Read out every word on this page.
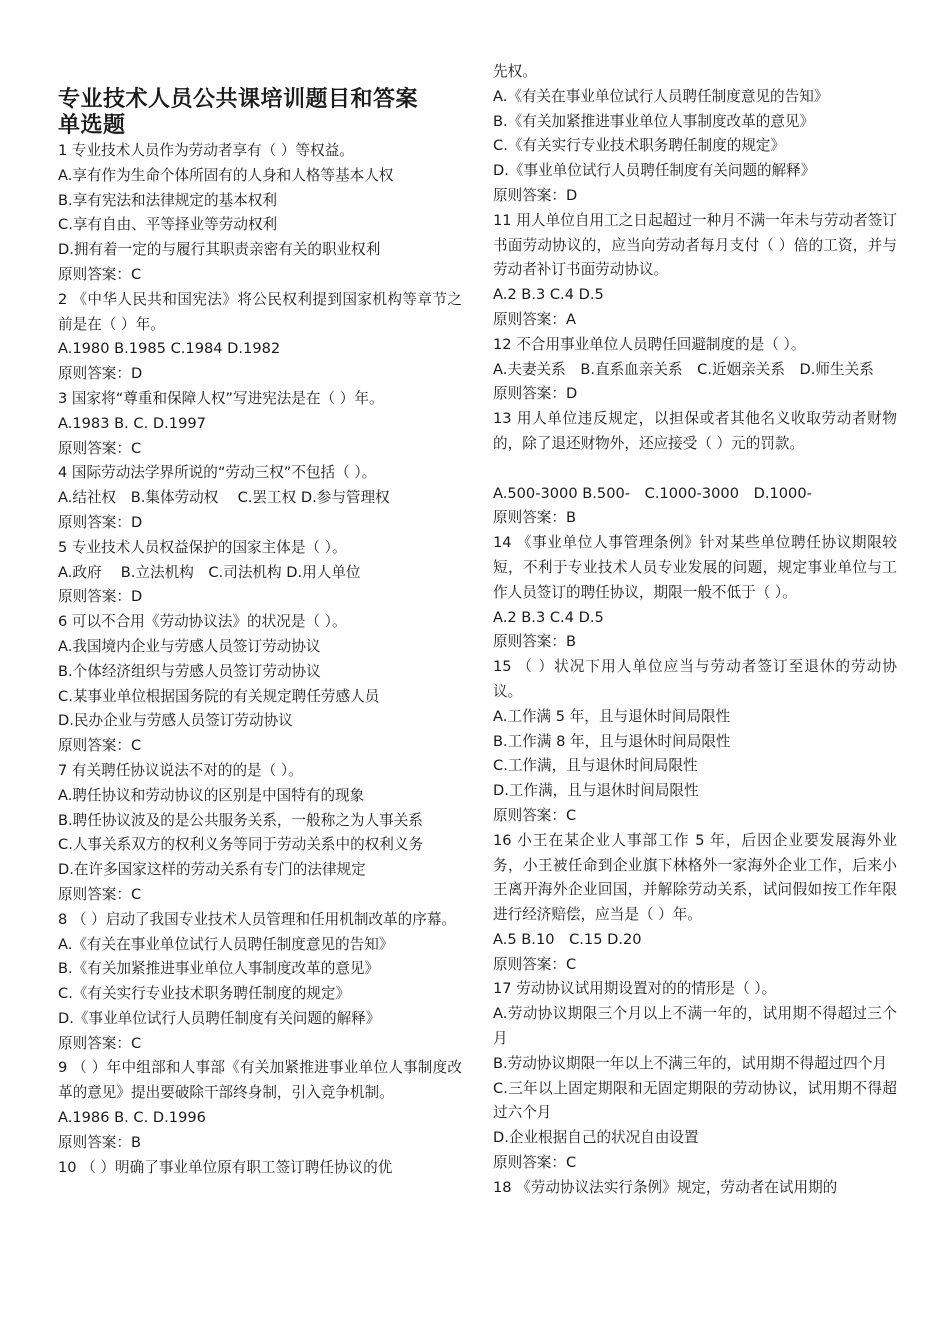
专业技术人员公共课培训题目和答案
单选题
1 专业技术人员作为劳动者享有（ ）等权益。
A.享有作为生命个体所固有的人身和人格等基本人权
B.享有宪法和法律规定的基本权利
C.享有自由、平等择业等劳动权利
D.拥有着一定的与履行其职责亲密有关的职业权利
原则答案：C
2 《中华人民共和国宪法》将公民权利提到国家机构等章节之前是在（ ）年。
A.1980 B.1985 C.1984 D.1982
原则答案：D
3 国家将“尊重和保障人权”写进宪法是在（ ）年。
A.1983 B. C. D.1997
原则答案：C
4 国际劳动法学界所说的“劳动三权”不包括（ ）。
A.结社权　B.集体劳动权　 C.罢工权 D.参与管理权
原则答案：D
5 专业技术人员权益保护的国家主体是（ ）。
A.政府　 B.立法机构　C.司法机构 D.用人单位
原则答案：D
6 可以不合用《劳动协议法》的状况是（ ）。
A.我国境内企业与劳感人员签订劳动协议
B.个体经济组织与劳感人员签订劳动协议
C.某事业单位根据国务院的有关规定聘任劳感人员
D.民办企业与劳感人员签订劳动协议
原则答案：C
7 有关聘任协议说法不对的的是（ ）。
A.聘任协议和劳动协议的区别是中国特有的现象
B.聘任协议波及的是公共服务关系，一般称之为人事关系
C.人事关系双方的权利义务等同于劳动关系中的权利义务
D.在许多国家这样的劳动关系有专门的法律规定
原则答案：C
8 （ ）启动了我国专业技术人员管理和任用机制改革的序幕。
A.《有关在事业单位试行人员聘任制度意见的告知》
B.《有关加紧推进事业单位人事制度改革的意见》
C.《有关实行专业技术职务聘任制度的规定》
D.《事业单位试行人员聘任制度有关问题的解释》
原则答案：C
9 （ ）年中组部和人事部《有关加紧推进事业单位人事制度改革的意见》提出要破除干部终身制，引入竞争机制。
A.1986 B. C. D.1996
原则答案：B
10 （ ）明确了事业单位原有职工签订聘任协议的优
先权。
A.《有关在事业单位试行人员聘任制度意见的告知》
B.《有关加紧推进事业单位人事制度改革的意见》
C.《有关实行专业技术职务聘任制度的规定》
D.《事业单位试行人员聘任制度有关问题的解释》
原则答案：D
11 用人单位自用工之日起超过一种月不满一年未与劳动者签订书面劳动协议的，应当向劳动者每月支付（ ）倍的工资，并与劳动者补订书面劳动协议。
A.2 B.3 C.4 D.5
原则答案：A
12 不合用事业单位人员聘任回避制度的是（ ）。
A.夫妻关系　B.直系血亲关系　C.近姻亲关系　D.师生关系
原则答案：D
13 用人单位违反规定，以担保或者其他名义收取劳动者财物的，除了退还财物外，还应接受（ ）元的罚款。
A.500-3000 B.500-　C.1000-3000　D.1000-
原则答案：B
14 《事业单位人事管理条例》针对某些单位聘任协议期限较短，不利于专业技术人员专业发展的问题，规定事业单位与工作人员签订的聘任协议，期限一般不低于（ ）。
A.2 B.3 C.4 D.5
原则答案：B
15 （ ）状况下用人单位应当与劳动者签订至退休的劳动协议。
A.工作满 5 年，且与退休时间局限性
B.工作满 8 年，且与退休时间局限性
C.工作满，且与退休时间局限性
D.工作满，且与退休时间局限性
原则答案：C
16 小王在某企业人事部工作 5 年，后因企业要发展海外业务，小王被任命到企业旗下林格外一家海外企业工作，后来小王离开海外企业回国，并解除劳动关系，试问假如按工作年限进行经济赔偿，应当是（ ）年。
A.5 B.10　C.15 D.20
原则答案：C
17 劳动协议试用期设置对的的情形是（ ）。
A.劳动协议期限三个月以上不满一年的，试用期不得超过三个月
B.劳动协议期限一年以上不满三年的，试用期不得超过四个月
C.三年以上固定期限和无固定期限的劳动协议，试用期不得超过六个月
D.企业根据自己的状况自由设置
原则答案：C
18 《劳动协议法实行条例》规定，劳动者在试用期的
